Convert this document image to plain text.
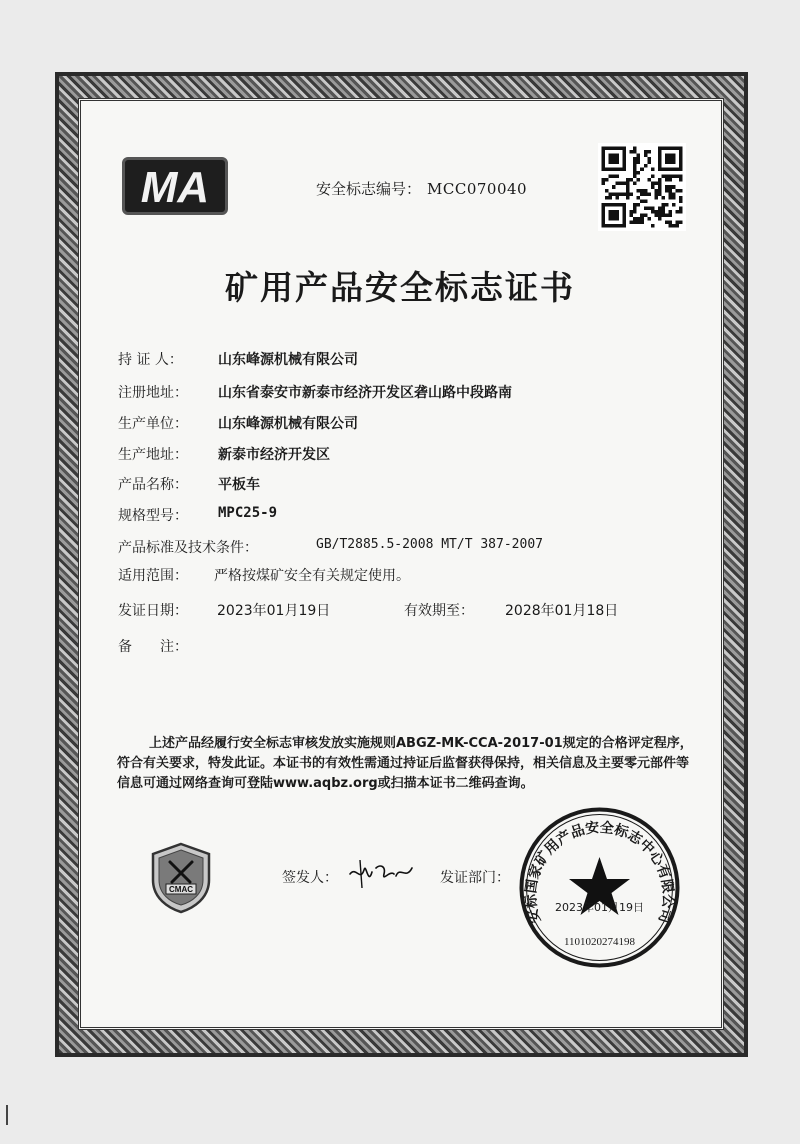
MA	安全标志编号： MCC070040
矿用产品安全标志证书
持 证 人：	山东峰源机械有限公司
注册地址： 山东省泰安市新泰市经济开发区砻山路中段路南
生产单位： 山东峰源机械有限公司
生产地址： 新泰市经济开发区
产品名称： 平板车
规格型号： MPC25-9
产品标准及技术条件：	GB/T2885.5-2008 MT/T 387-2007
适用范围： 严格按煤矿安全有关规定使用。
发证日期： 2023年01月19日	有效期至： 2028年01月18日
备　　注：
上述产品经履行安全标志审核发放实施规则ABGZ-MK-CCA-2017-01规定的合格评定程序，符合有关要求，特发此证。本证书的有效性需通过持证后监督获得保持，相关信息及主要零元部件等信息可通过网络查询可登陆www.aqbz.org或扫描本证书二维码查询。
CMAC
签发人：	发证部门：
安标国家矿用产品安全标志中心有限公司
2023年01月19日
1101020274198
